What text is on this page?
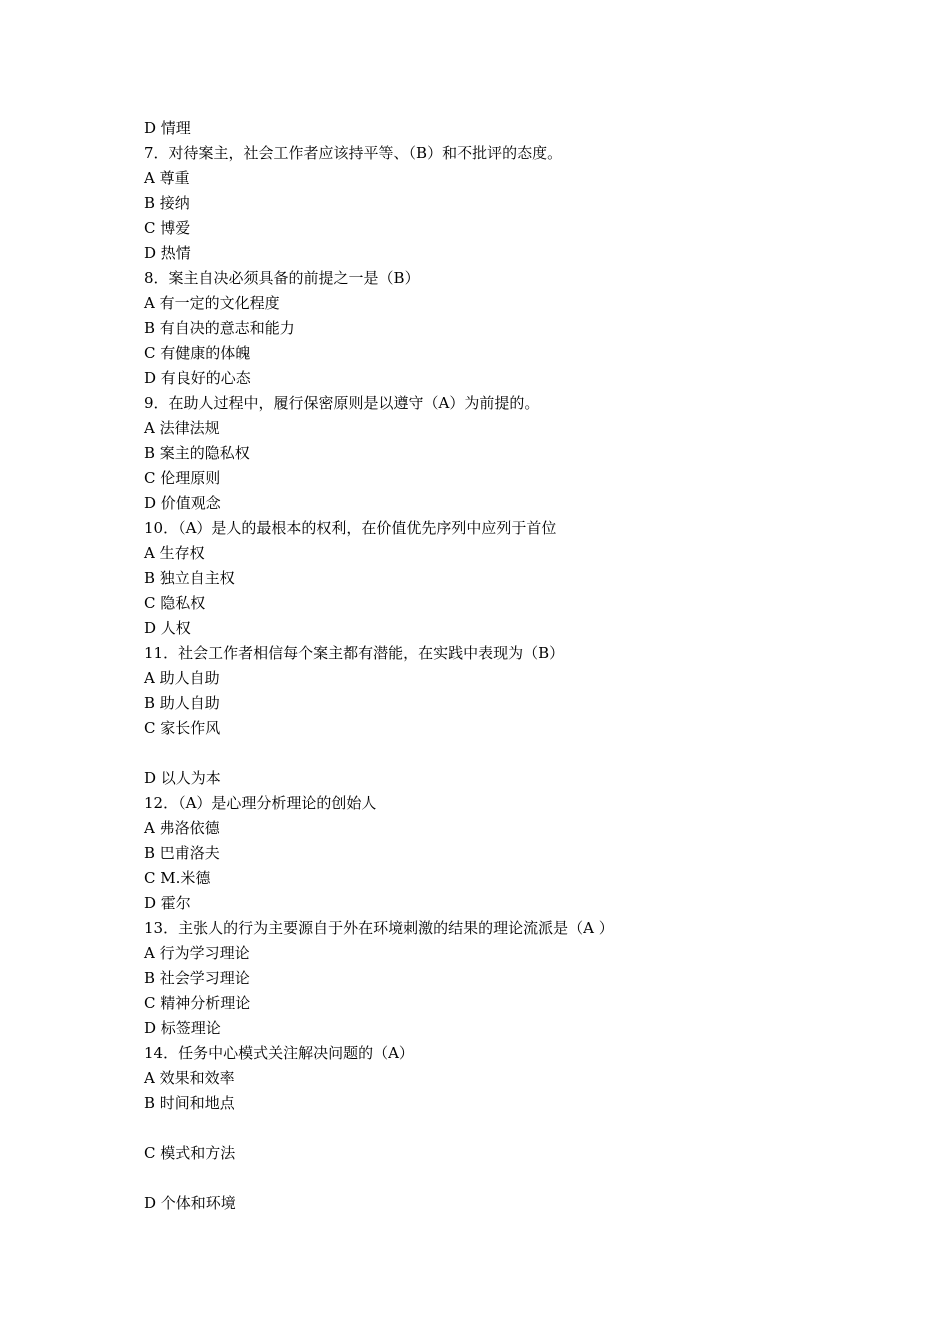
D 情理
7．对待案主，社会工作者应该持平等、（B）和不批评的态度。
A 尊重
B 接纳
C 博爱
D 热情
8．案主自决必须具备的前提之一是（B）
A 有一定的文化程度
B 有自决的意志和能力
C 有健康的体魄
D 有良好的心态
9．在助人过程中，履行保密原则是以遵守（A）为前提的。
A 法律法规
B 案主的隐私权
C 伦理原则
D 价值观念
10．（A）是人的最根本的权利，在价值优先序列中应列于首位
A 生存权
B 独立自主权
C 隐私权
D 人权
11．社会工作者相信每个案主都有潜能，在实践中表现为（B）
A 助人自助
B 助人自助
C 家长作风
D 以人为本
12．（A）是心理分析理论的创始人
A 弗洛依德
B 巴甫洛夫
C M.米德
D 霍尔
13．主张人的行为主要源自于外在环境刺激的结果的理论流派是（A ）
A 行为学习理论
B 社会学习理论
C 精神分析理论
D 标签理论
14．任务中心模式关注解决问题的（A）
A 效果和效率
B 时间和地点
C 模式和方法
D 个体和环境
